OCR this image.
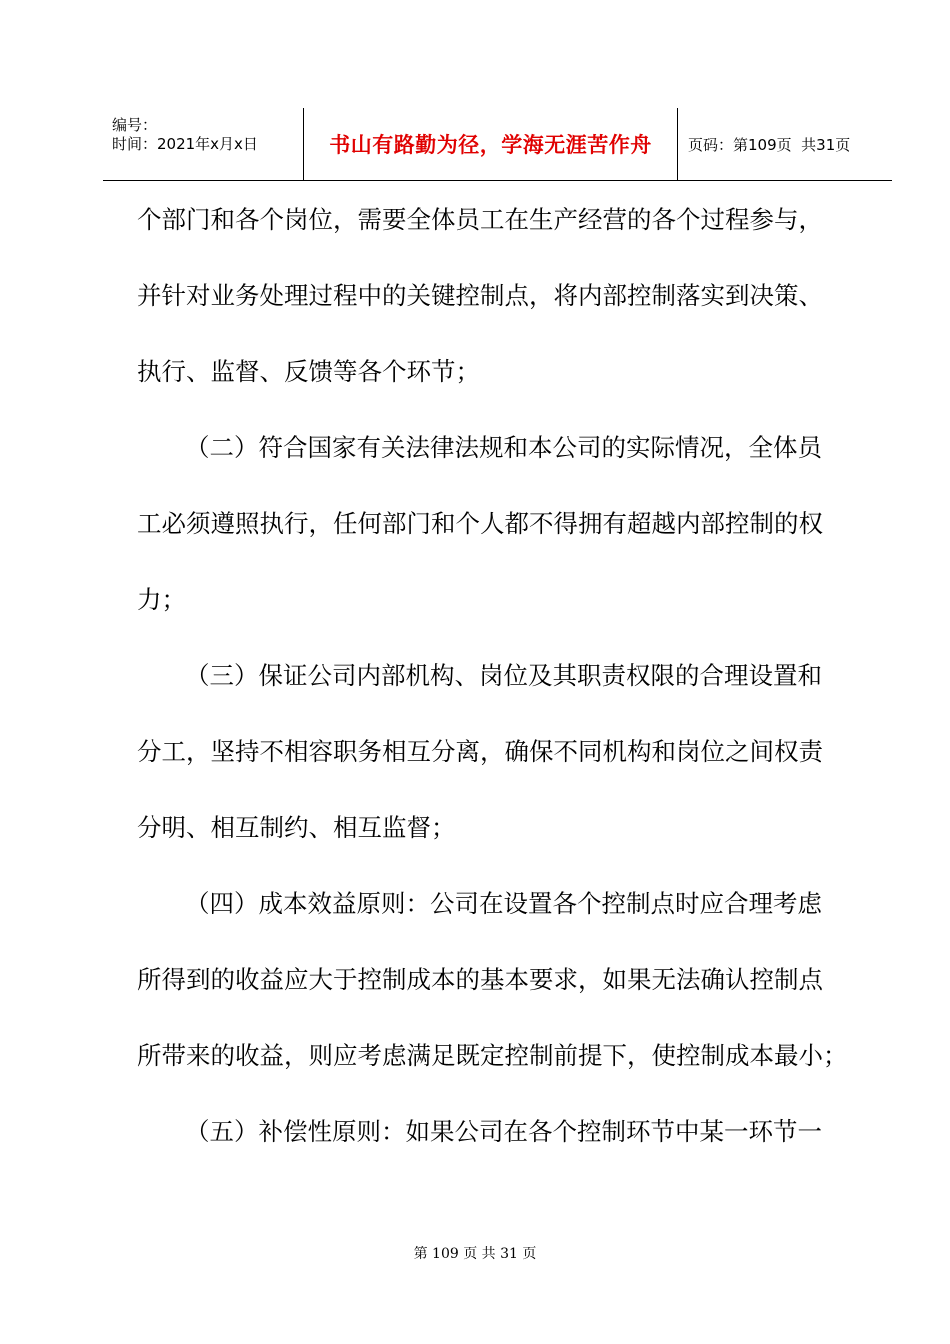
编号：
时间：2021年x月x日	书山有路勤为径，学海无涯苦作舟	页码：第109页  共31页
个部门和各个岗位，需要全体员工在生产经营的各个过程参与，
并针对业务处理过程中的关键控制点，将内部控制落实到决策、
执行、监督、反馈等各个环节；
（二）符合国家有关法律法规和本公司的实际情况，全体员
工必须遵照执行，任何部门和个人都不得拥有超越内部控制的权
力；
（三）保证公司内部机构、岗位及其职责权限的合理设置和
分工，坚持不相容职务相互分离，确保不同机构和岗位之间权责
分明、相互制约、相互监督；
（四）成本效益原则：公司在设置各个控制点时应合理考虑
所得到的收益应大于控制成本的基本要求，如果无法确认控制点
所带来的收益，则应考虑满足既定控制前提下，使控制成本最小；
（五）补偿性原则：如果公司在各个控制环节中某一环节一
第 109 页 共 31 页
